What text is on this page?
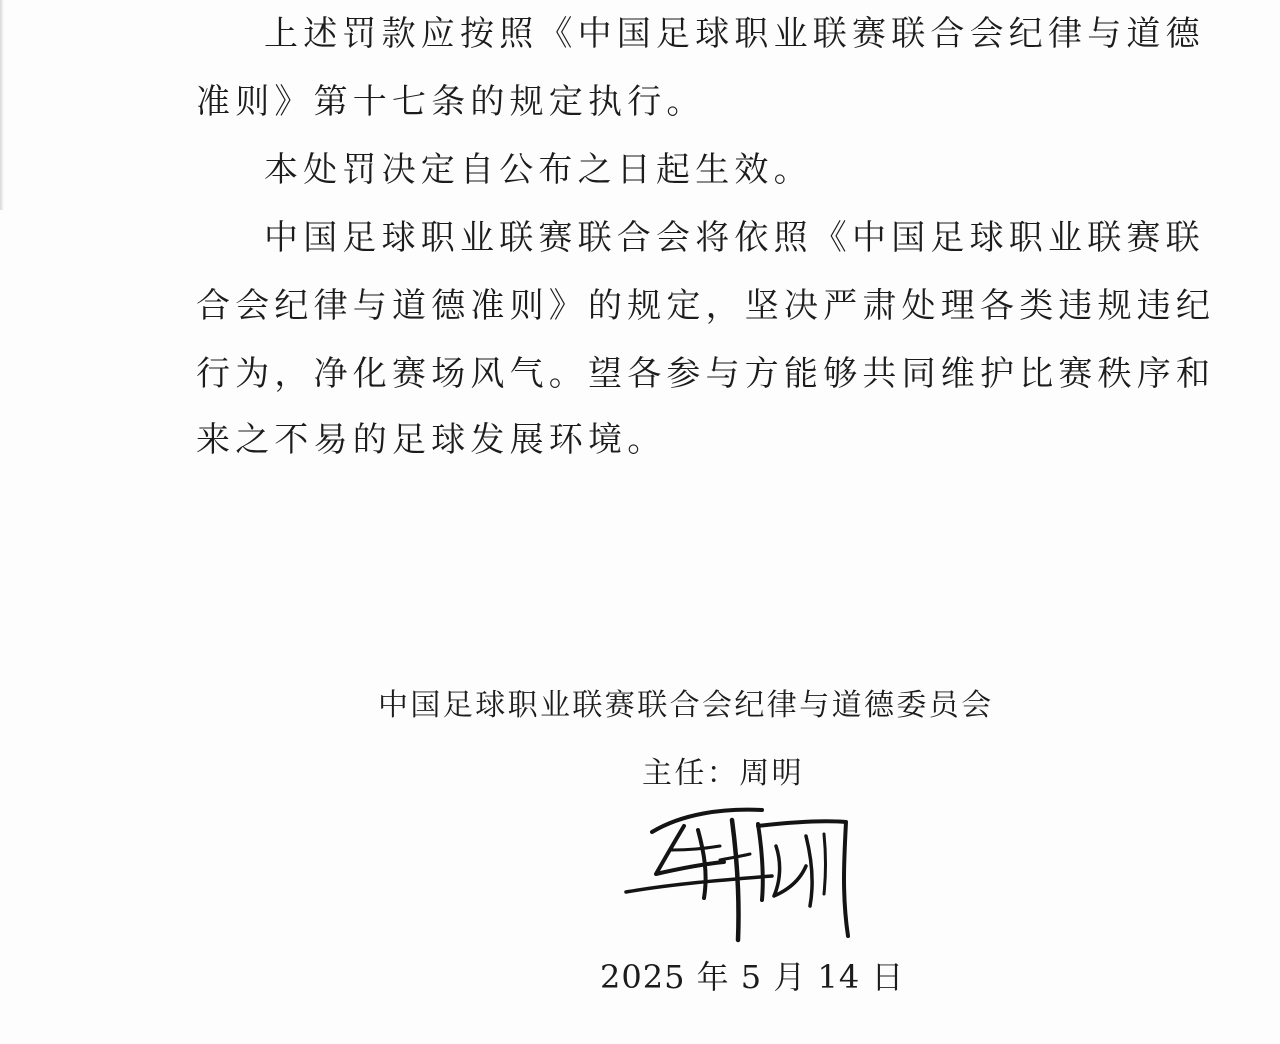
上述罚款应按照《中国足球职业联赛联合会纪律与道德
准则》第十七条的规定执行。
本处罚决定自公布之日起生效。
中国足球职业联赛联合会将依照《中国足球职业联赛联
合会纪律与道德准则》的规定，坚决严肃处理各类违规违纪
行为，净化赛场风气。望各参与方能够共同维护比赛秩序和
来之不易的足球发展环境。
中国足球职业联赛联合会纪律与道德委员会
主任：周明
2025 年 5 月 14 日
